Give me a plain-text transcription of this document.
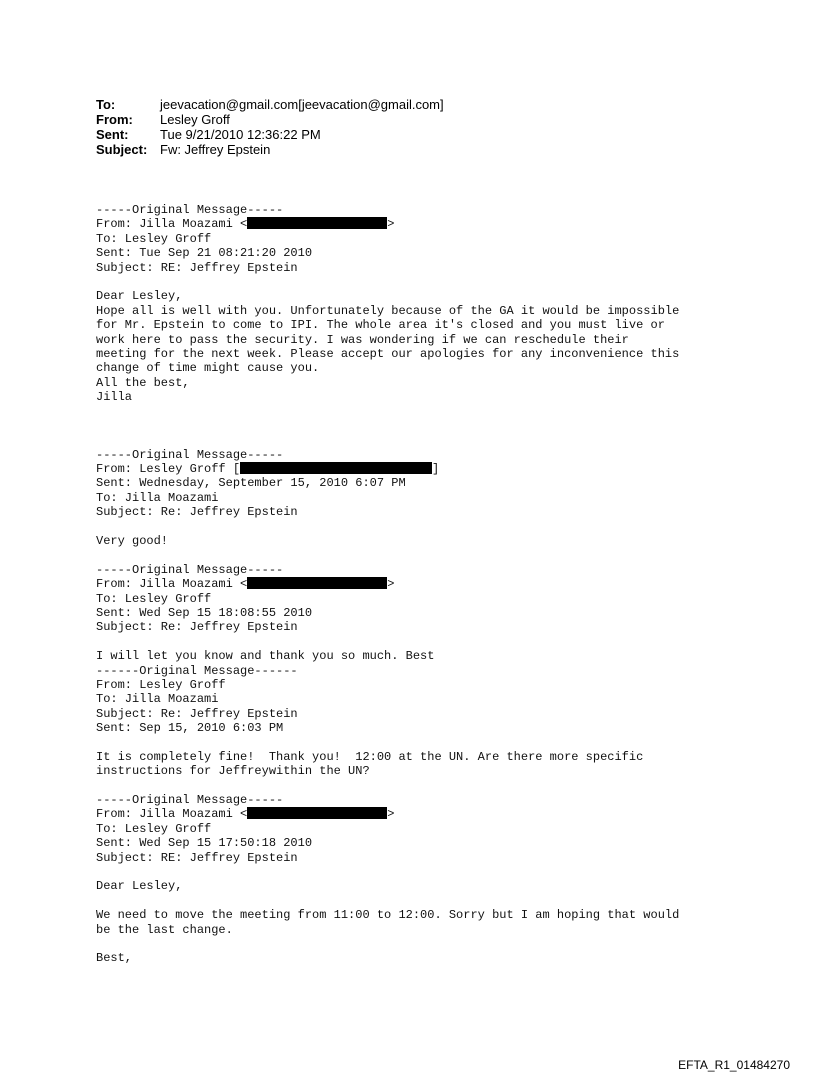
To:	jeevacation@gmail.com[jeevacation@gmail.com]
From:	Lesley Groff
Sent:	Tue 9/21/2010 12:36:22 PM
Subject: Fw: Jeffrey Epstein
-----Original Message-----
From: Jilla Moazami <	>
To: Lesley Groff
Sent: Tue Sep 21 08:21:20 2010
Subject: RE: Jeffrey Epstein
Dear Lesley,
Hope all is well with you. Unfortunately because of the GA it would be impossible
for Mr. Epstein to come to IPI. The whole area it's closed and you must live or
work here to pass the security. I was wondering if we can reschedule their
meeting for the next week. Please accept our apologies for any inconvenience this
change of time might cause you.
All the best,
Jilla
-----Original Message-----
From: Lesley Groff [	]
Sent: Wednesday, September 15, 2010 6:07 PM
To: Jilla Moazami
Subject: Re: Jeffrey Epstein
Very good!
-----Original Message-----
From: Jilla Moazami <	>
To: Lesley Groff
Sent: Wed Sep 15 18:08:55 2010
Subject: Re: Jeffrey Epstein
I will let you know and thank you so much. Best
------Original Message------
From: Lesley Groff
To: Jilla Moazami
Subject: Re: Jeffrey Epstein
Sent: Sep 15, 2010 6:03 PM
It is completely fine!  Thank you!  12:00 at the UN. Are there more specific
instructions for Jeffreywithin the UN?
-----Original Message-----
From: Jilla Moazami <	>
To: Lesley Groff
Sent: Wed Sep 15 17:50:18 2010
Subject: RE: Jeffrey Epstein
Dear Lesley,
We need to move the meeting from 11:00 to 12:00. Sorry but I am hoping that would
be the last change.
Best,
EFTA_R1_01484270
